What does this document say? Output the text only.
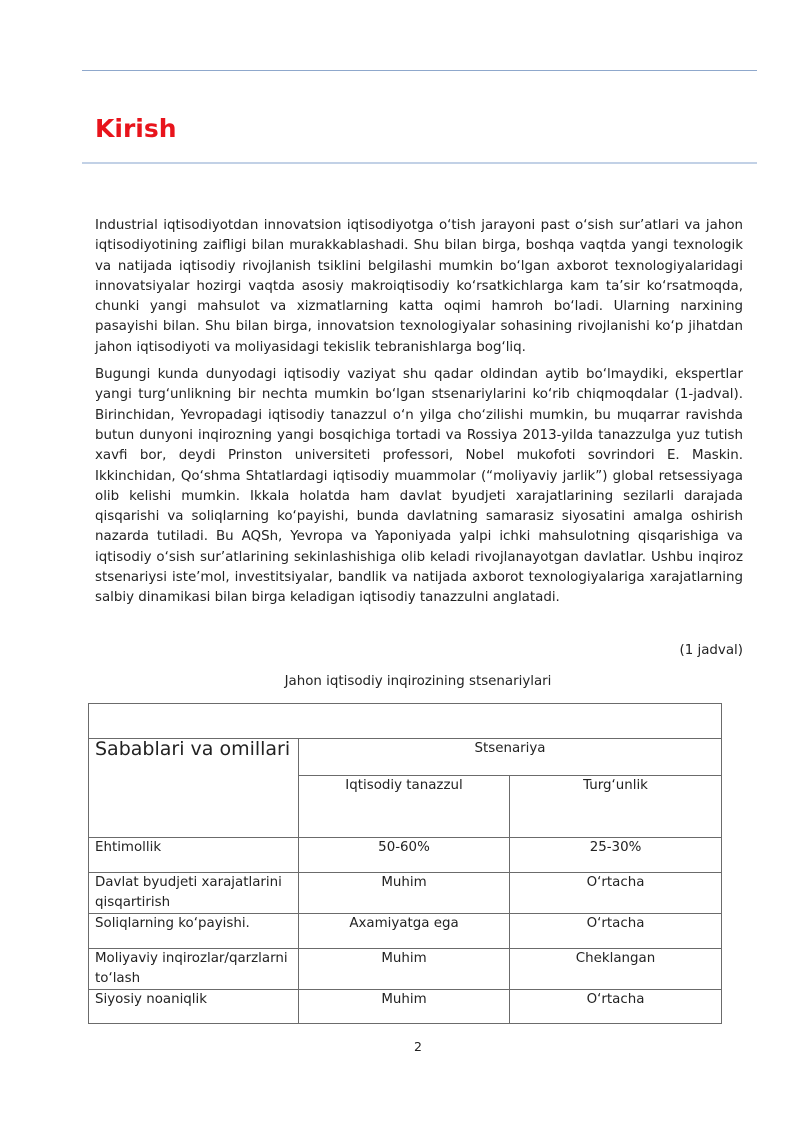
Kirish

Industrial iqtisodiyotdan innovatsion iqtisodiyotga o‘tish jarayoni past o‘sish sur’atlari va jahon iqtisodiyotining zaifligi bilan murakkablashadi. Shu bilan birga, boshqa vaqtda yangi texnologik va natijada iqtisodiy rivojlanish tsiklini belgilashi mumkin bo‘lgan axborot texnologiyalaridagi innovatsiyalar hozirgi vaqtda asosiy makroiqtisodiy ko‘rsatkichlarga kam ta’sir ko‘rsatmoqda, chunki yangi mahsulot va xizmatlarning katta oqimi hamroh bo‘ladi. Ularning narxining pasayishi bilan. Shu bilan birga, innovatsion texnologiyalar sohasining rivojlanishi ko‘p jihatdan jahon iqtisodiyoti va moliyasidagi tekislik tebranishlarga bog‘liq.

Bugungi kunda dunyodagi iqtisodiy vaziyat shu qadar oldindan aytib bo‘lmaydiki, ekspertlar yangi turg‘unlikning bir nechta mumkin bo‘lgan stsenariylarini ko‘rib chiqmoqdalar (1-jadval). Birinchidan, Yevropadagi iqtisodiy tanazzul o‘n yilga cho‘zilishi mumkin, bu muqarrar ravishda butun dunyoni inqirozning yangi bosqichiga tortadi va Rossiya 2013-yilda tanazzulga yuz tutish xavfi bor, deydi Prinston universiteti professori, Nobel mukofoti sovrindori E. Maskin. Ikkinchidan, Qo‘shma Shtatlardagi iqtisodiy muammolar (“moliyaviy jarlik”) global retsessiyaga olib kelishi mumkin. Ikkala holatda ham davlat byudjeti xarajatlarining sezilarli darajada qisqarishi va soliqlarning ko‘payishi, bunda davlatning samarasiz siyosatini amalga oshirish nazarda tutiladi. Bu AQSh, Yevropa va Yaponiyada yalpi ichki mahsulotning qisqarishiga va iqtisodiy o‘sish sur’atlarining sekinlashishiga olib keladi rivojlanayotgan davlatlar. Ushbu inqiroz stsenariysi iste’mol, investitsiyalar, bandlik va natijada axborot texnologiyalariga xarajatlarning salbiy dinamikasi bilan birga keladigan iqtisodiy tanazzulni anglatadi.

(1 jadval)
Jahon iqtisodiy inqirozining stsenariylari

Sabablari va omillari	Stsenariya	
	Iqtisodiy tanazzul	Turg‘unlik
Ehtimollik	50-60%	25-30%
Davlat byudjeti xarajatlarini qisqartirish	Muhim	O‘rtacha
Soliqlarning ko‘payishi.	Axamiyatga ega	O‘rtacha
Moliyaviy inqirozlar/qarzlarni to‘lash	Muhim	Cheklangan
Siyosiy noaniqlik	Muhim	O‘rtacha
2
